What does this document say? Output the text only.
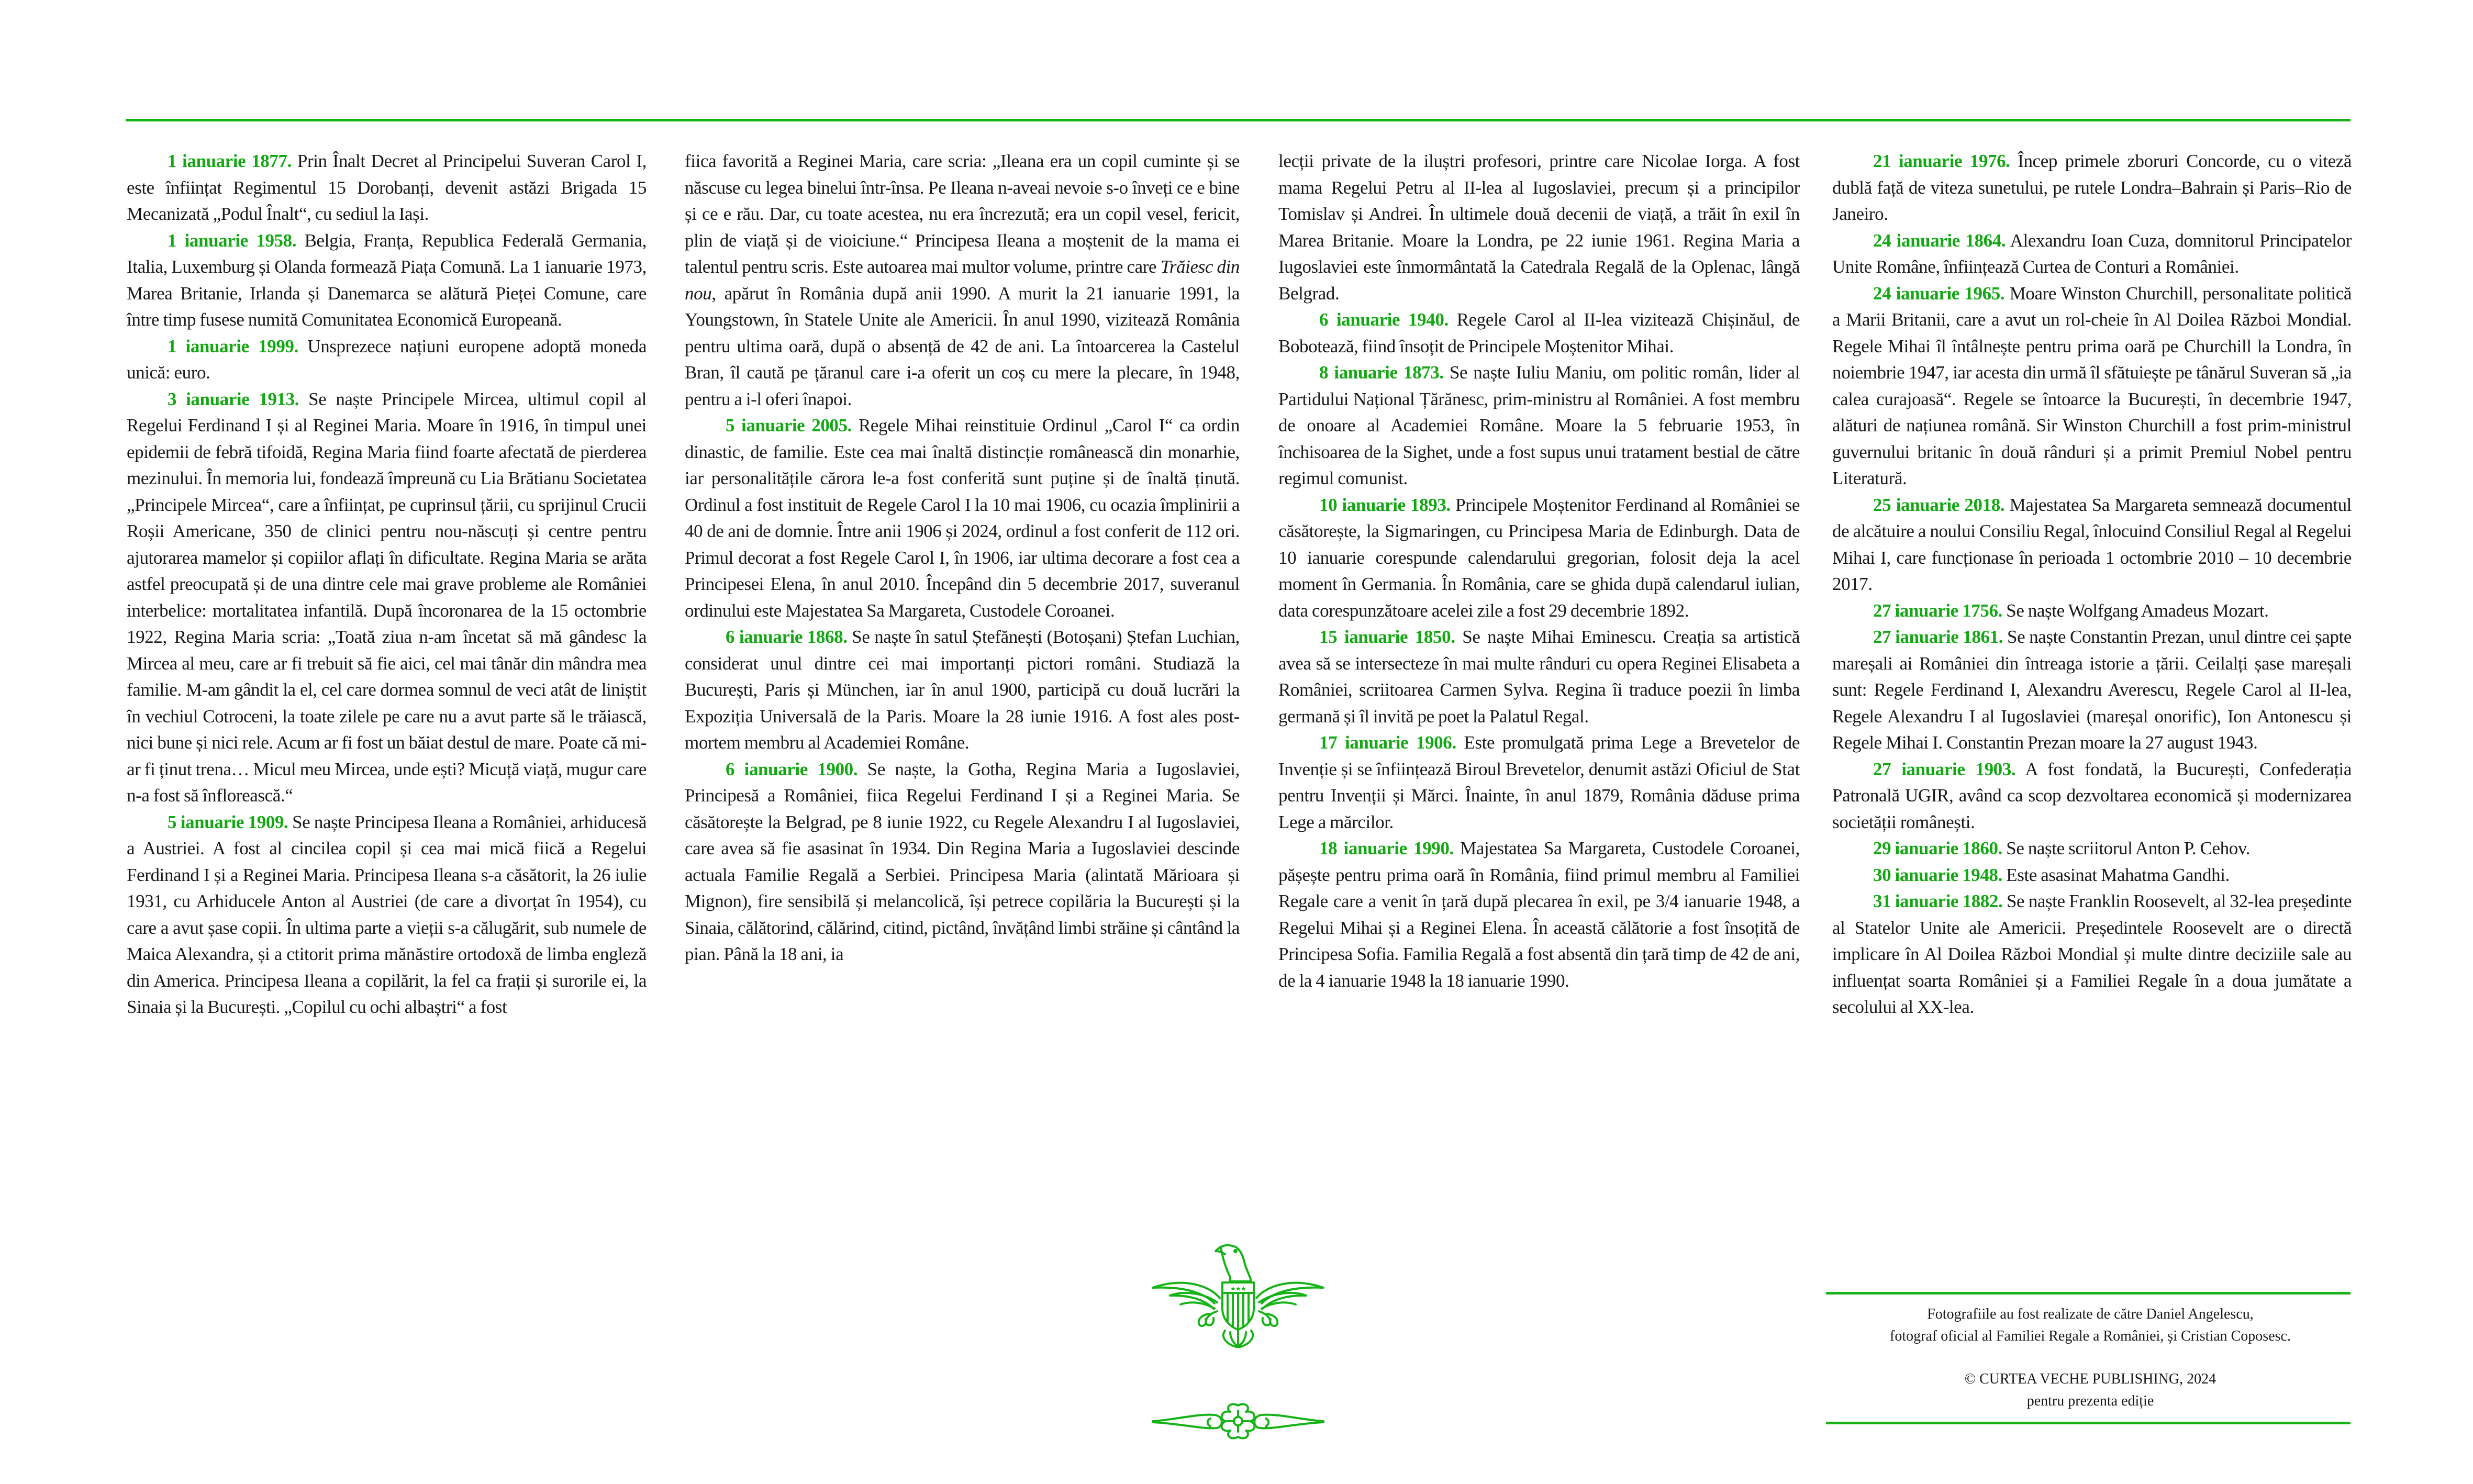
1 ianuarie 1877. Prin Înalt Decret al Principelui Suveran Carol I, este înființat Regimentul 15 Dorobanți, devenit astăzi Brigada 15 Mecanizată „Podul Înalt“, cu sediul la Iași.

1 ianuarie 1958. Belgia, Franța, Republica Federală Germania, Italia, Luxemburg și Olanda formează Piața Comună. La 1 ianuarie 1973, Marea Britanie, Irlanda și Danemarca se alătură Pieței Comune, care între timp fusese numită Comunitatea Economică Europeană.

1 ianuarie 1999. Unsprezece națiuni europene adoptă moneda unică: euro.

3 ianuarie 1913. Se naște Principele Mircea, ultimul copil al Regelui Ferdinand I și al Reginei Maria. Moare în 1916, în timpul unei epidemii de febră tifoidă, Regina Maria fiind foarte afectată de pierderea mezinului. În memoria lui, fondează împreună cu Lia Brătianu Societatea „Principele Mircea“, care a înființat, pe cuprinsul țării, cu sprijinul Crucii Roșii Americane, 350 de clinici pentru nou-născuți și centre pentru ajutorarea mamelor și copiilor aflați în dificultate. Regina Maria se arăta astfel preocupată și de una dintre cele mai grave probleme ale României interbelice: mortalitatea infantilă. După încoronarea de la 15 octombrie 1922, Regina Maria scria: „Toată ziua n-am încetat să mă gândesc la Mircea al meu, care ar fi trebuit să fie aici, cel mai tânăr din mândra mea familie. M-am gândit la el, cel care dormea somnul de veci atât de liniștit în vechiul Cotroceni, la toate zilele pe care nu a avut parte să le trăiască, nici bune și nici rele. Acum ar fi fost un băiat destul de mare. Poate că mi-ar fi ținut trena… Micul meu Mircea, unde ești? Micuță viață, mugur care n-a fost să înflorească.“

5 ianuarie 1909. Se naște Principesa Ileana a României, arhiducesă a Austriei. A fost al cincilea copil și cea mai mică fiică a Regelui Ferdinand I și a Reginei Maria. Principesa Ileana s-a căsătorit, la 26 iulie 1931, cu Arhiducele Anton al Austriei (de care a divorțat în 1954), cu care a avut șase copii. În ultima parte a vieții s-a călugărit, sub numele de Maica Alexandra, și a ctitorit prima mănăstire ortodoxă de limba engleză din America. Principesa Ileana a copilărit, la fel ca frații și surorile ei, la Sinaia și la București. „Copilul cu ochi albaștri“ a fost

fiica favorită a Reginei Maria, care scria: „Ileana era un copil cuminte și se născuse cu legea binelui într-însa. Pe Ileana n-aveai nevoie s-o înveți ce e bine și ce e rău. Dar, cu toate acestea, nu era încrezută; era un copil vesel, fericit, plin de viață și de vioiciune.“ Principesa Ileana a moștenit de la mama ei talentul pentru scris. Este autoarea mai multor volume, printre care Trăiesc din nou, apărut în România după anii 1990. A murit la 21 ianuarie 1991, la Youngstown, în Statele Unite ale Americii. În anul 1990, vizitează România pentru ultima oară, după o absență de 42 de ani. La întoarcerea la Castelul Bran, îl caută pe țăranul care i-a oferit un coș cu mere la plecare, în 1948, pentru a i-l oferi înapoi.

5 ianuarie 2005. Regele Mihai reinstituie Ordinul „Carol I“ ca ordin dinastic, de familie. Este cea mai înaltă distincție românească din monarhie, iar personalitățile cărora le-a fost conferită sunt puține și de înaltă ținută. Ordinul a fost instituit de Regele Carol I la 10 mai 1906, cu ocazia împlinirii a 40 de ani de domnie. Între anii 1906 și 2024, ordinul a fost conferit de 112 ori. Primul decorat a fost Regele Carol I, în 1906, iar ultima decorare a fost cea a Principesei Elena, în anul 2010. Începând din 5 decembrie 2017, suveranul ordinului este Majestatea Sa Margareta, Custodele Coroanei.

6 ianuarie 1868. Se naște în satul Ștefănești (Botoșani) Ștefan Luchian, considerat unul dintre cei mai importanți pictori români. Studiază la București, Paris și München, iar în anul 1900, participă cu două lucrări la Expoziția Universală de la Paris. Moare la 28 iunie 1916. A fost ales post-mortem membru al Academiei Române.

6 ianuarie 1900. Se naște, la Gotha, Regina Maria a Iugoslaviei, Principesă a României, fiica Regelui Ferdinand I și a Reginei Maria. Se căsătorește la Belgrad, pe 8 iunie 1922, cu Regele Alexandru I al Iugoslaviei, care avea să fie asasinat în 1934. Din Regina Maria a Iugoslaviei descinde actuala Familie Regală a Serbiei. Principesa Maria (alintată Mărioara și Mignon), fire sensibilă și melancolică, își petrece copilăria la București și la Sinaia, călătorind, călărind, citind, pictând, învățând limbi străine și cântând la pian. Până la 18 ani, ia

lecții private de la iluștri profesori, printre care Nicolae Iorga. A fost mama Regelui Petru al II-lea al Iugoslaviei, precum și a principilor Tomislav și Andrei. În ultimele două decenii de viață, a trăit în exil în Marea Britanie. Moare la Londra, pe 22 iunie 1961. Regina Maria a Iugoslaviei este înmormântată la Catedrala Regală de la Oplenac, lângă Belgrad.

6 ianuarie 1940. Regele Carol al II-lea vizitează Chișinăul, de Bobotează, fiind însoțit de Principele Moștenitor Mihai.

8 ianuarie 1873. Se naște Iuliu Maniu, om politic român, lider al Partidului Național Țărănesc, prim-ministru al României. A fost membru de onoare al Academiei Române. Moare la 5 februarie 1953, în închisoarea de la Sighet, unde a fost supus unui tratament bestial de către regimul comunist.

10 ianuarie 1893. Principele Moștenitor Ferdinand al României se căsătorește, la Sigmaringen, cu Principesa Maria de Edinburgh. Data de 10 ianuarie corespunde calendarului gregorian, folosit deja la acel moment în Germania. În România, care se ghida după calendarul iulian, data corespunzătoare acelei zile a fost 29 decembrie 1892.

15 ianuarie 1850. Se naște Mihai Eminescu. Creația sa artistică avea să se intersecteze în mai multe rânduri cu opera Reginei Elisabeta a României, scriitoarea Carmen Sylva. Regina îi traduce poezii în limba germană și îl invită pe poet la Palatul Regal.

17 ianuarie 1906. Este promulgată prima Lege a Brevetelor de Invenție și se înființează Biroul Brevetelor, denumit astăzi Oficiul de Stat pentru Invenții și Mărci. Înainte, în anul 1879, România dăduse prima Lege a mărcilor.

18 ianuarie 1990. Majestatea Sa Margareta, Custodele Coroanei, pășește pentru prima oară în România, fiind primul membru al Familiei Regale care a venit în țară după plecarea în exil, pe 3/4 ianuarie 1948, a Regelui Mihai și a Reginei Elena. În această călătorie a fost însoțită de Principesa Sofia. Familia Regală a fost absentă din țară timp de 42 de ani, de la 4 ianuarie 1948 la 18 ianuarie 1990.

21 ianuarie 1976. Încep primele zboruri Concorde, cu o viteză dublă față de viteza sunetului, pe rutele Londra–Bahrain și Paris–Rio de Janeiro.

24 ianuarie 1864. Alexandru Ioan Cuza, domnitorul Principatelor Unite Române, înființează Curtea de Conturi a României.

24 ianuarie 1965. Moare Winston Churchill, personalitate politică a Marii Britanii, care a avut un rol-cheie în Al Doilea Război Mondial. Regele Mihai îl întâlnește pentru prima oară pe Churchill la Londra, în noiembrie 1947, iar acesta din urmă îl sfătuiește pe tânărul Suveran să „ia calea curajoasă“. Regele se întoarce la București, în decembrie 1947, alături de națiunea română. Sir Winston Churchill a fost prim-ministrul guvernului britanic în două rânduri și a primit Premiul Nobel pentru Literatură.

25 ianuarie 2018. Majestatea Sa Margareta semnează documentul de alcătuire a noului Consiliu Regal, înlocuind Consiliul Regal al Regelui Mihai I, care funcționase în perioada 1 octombrie 2010 – 10 decembrie 2017.

27 ianuarie 1756. Se naște Wolfgang Amadeus Mozart.

27 ianuarie 1861. Se naște Constantin Prezan, unul dintre cei șapte mareșali ai României din întreaga istorie a țării. Ceilalți șase mareșali sunt: Regele Ferdinand I, Alexandru Averescu, Regele Carol al II-lea, Regele Alexandru I al Iugoslaviei (mareșal onorific), Ion Antonescu și Regele Mihai I. Constantin Prezan moare la 27 august 1943.

27 ianuarie 1903. A fost fondată, la București, Confederația Patronală UGIR, având ca scop dezvoltarea economică și modernizarea societății românești.

29 ianuarie 1860. Se naște scriitorul Anton P. Cehov.

30 ianuarie 1948. Este asasinat Mahatma Gandhi.

31 ianuarie 1882. Se naște Franklin Roosevelt, al 32-lea președinte al Statelor Unite ale Americii. Președintele Roosevelt are o directă implicare în Al Doilea Război Mondial și multe dintre deciziile sale au influențat soarta României și a Familiei Regale în a doua jumătate a secolului al XX-lea.

★ ★ ★

Fotografiile au fost realizate de către Daniel Angelescu,

fotograf oficial al Familiei Regale a României, și Cristian Coposesc.

© CURTEA VECHE PUBLISHING, 2024

pentru prezenta ediție
